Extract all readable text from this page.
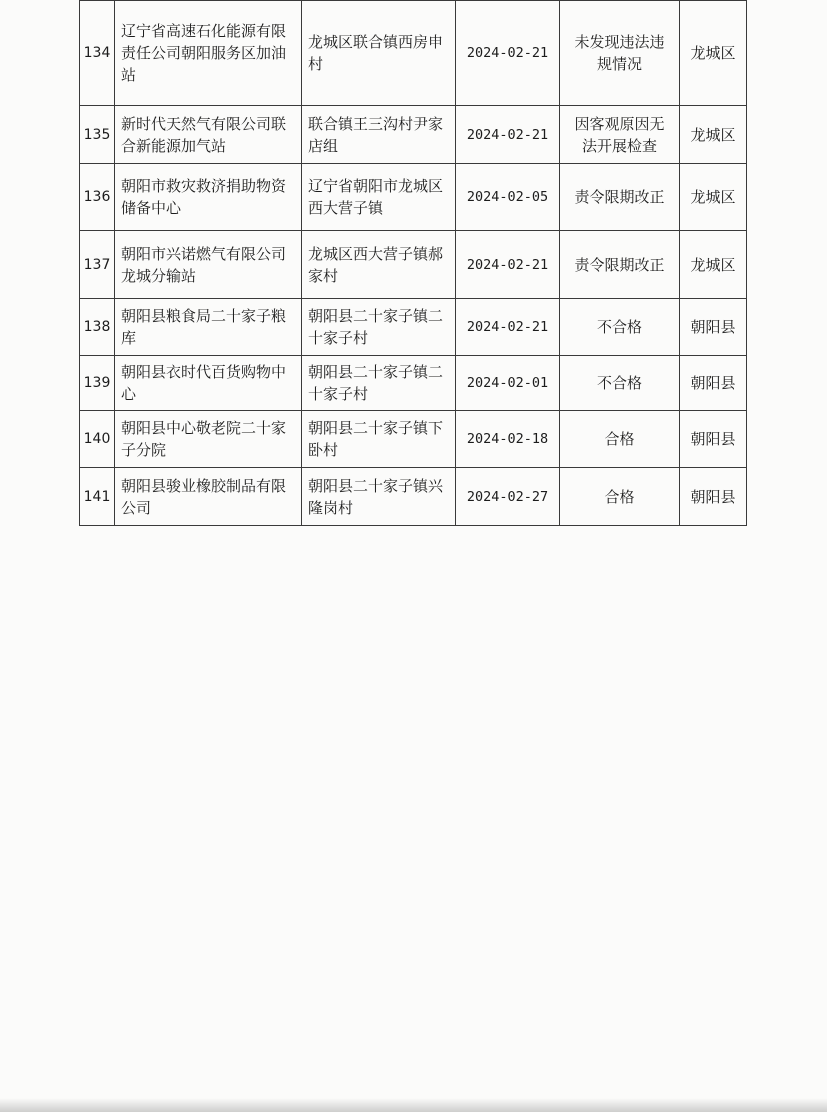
134	辽宁省高速石化能源有限责任公司朝阳服务区加油站	龙城区联合镇西房申村	2024-02-21	未发现违法违规情况	龙城区
135	新时代天然气有限公司联合新能源加气站	联合镇王三沟村尹家店组	2024-02-21	因客观原因无法开展检查	龙城区
136	朝阳市救灾救济捐助物资储备中心	辽宁省朝阳市龙城区西大营子镇	2024-02-05	责令限期改正	龙城区
137	朝阳市兴诺燃气有限公司龙城分输站	龙城区西大营子镇郝家村	2024-02-21	责令限期改正	龙城区
138	朝阳县粮食局二十家子粮库	朝阳县二十家子镇二十家子村	2024-02-21	不合格	朝阳县
139	朝阳县衣时代百货购物中心	朝阳县二十家子镇二十家子村	2024-02-01	不合格	朝阳县
140	朝阳县中心敬老院二十家子分院	朝阳县二十家子镇下卧村	2024-02-18	合格	朝阳县
141	朝阳县骏业橡胶制品有限公司	朝阳县二十家子镇兴隆岗村	2024-02-27	合格	朝阳县
